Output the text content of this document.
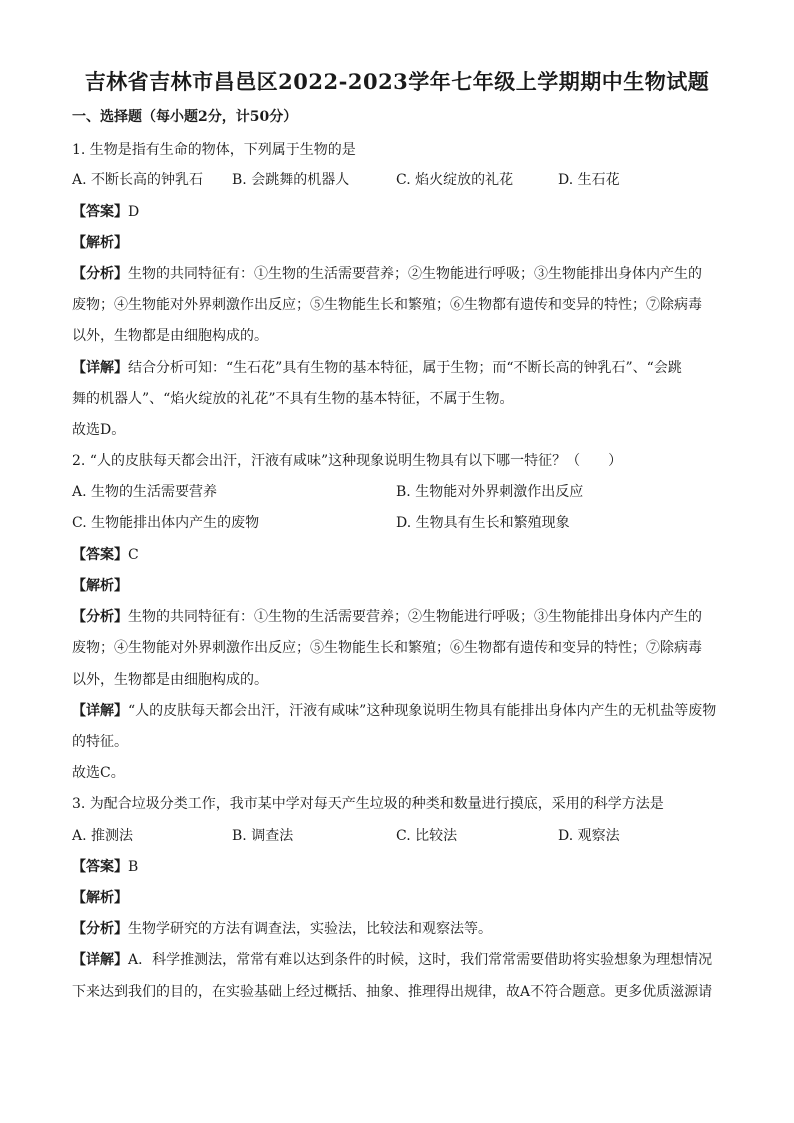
吉林省吉林市昌邑区2022-2023学年七年级上学期期中生物试题
一、选择题（每小题2分，计50分）
1. 生物是指有生命的物体，下列属于生物的是
A. 不断长高的钟乳石 B. 会跳舞的机器人	C. 焰火绽放的礼花	D. 生石花
【答案】D
【解析】
【分析】生物的共同特征有：①生物的生活需要营养；②生物能进行呼吸；③生物能排出身体内产生的
废物；④生物能对外界刺激作出反应；⑤生物能生长和繁殖；⑥生物都有遗传和变异的特性；⑦除病毒
以外，生物都是由细胞构成的。
【详解】结合分析可知：“生石花”具有生物的基本特征，属于生物；而“不断长高的钟乳石”、“会跳
舞的机器人”、“焰火绽放的礼花”不具有生物的基本特征，不属于生物。
故选D。
2. “人的皮肤每天都会出汗，汗液有咸味”这种现象说明生物具有以下哪一特征？（　　）
A. 生物的生活需要营养	B. 生物能对外界刺激作出反应
C. 生物能排出体内产生的废物	D. 生物具有生长和繁殖现象
【答案】C
【解析】
【分析】生物的共同特征有：①生物的生活需要营养；②生物能进行呼吸；③生物能排出身体内产生的
废物；④生物能对外界刺激作出反应；⑤生物能生长和繁殖；⑥生物都有遗传和变异的特性；⑦除病毒
以外，生物都是由细胞构成的。
【详解】“人的皮肤每天都会出汗，汗液有咸味”这种现象说明生物具有能排出身体内产生的无机盐等废物
的特征。
故选C。
3. 为配合垃圾分类工作，我市某中学对每天产生垃圾的种类和数量进行摸底，采用的科学方法是
A. 推测法	B. 调查法	C. 比较法	D. 观察法
【答案】B
【解析】
【分析】生物学研究的方法有调查法，实验法，比较法和观察法等。
【详解】A．科学推测法，常常有难以达到条件的时候，这时，我们常常需要借助将实验想象为理想情况
下来达到我们的目的，在实验基础上经过概括、抽象、推理得出规律，故A不符合题意。更多优质滋源请
